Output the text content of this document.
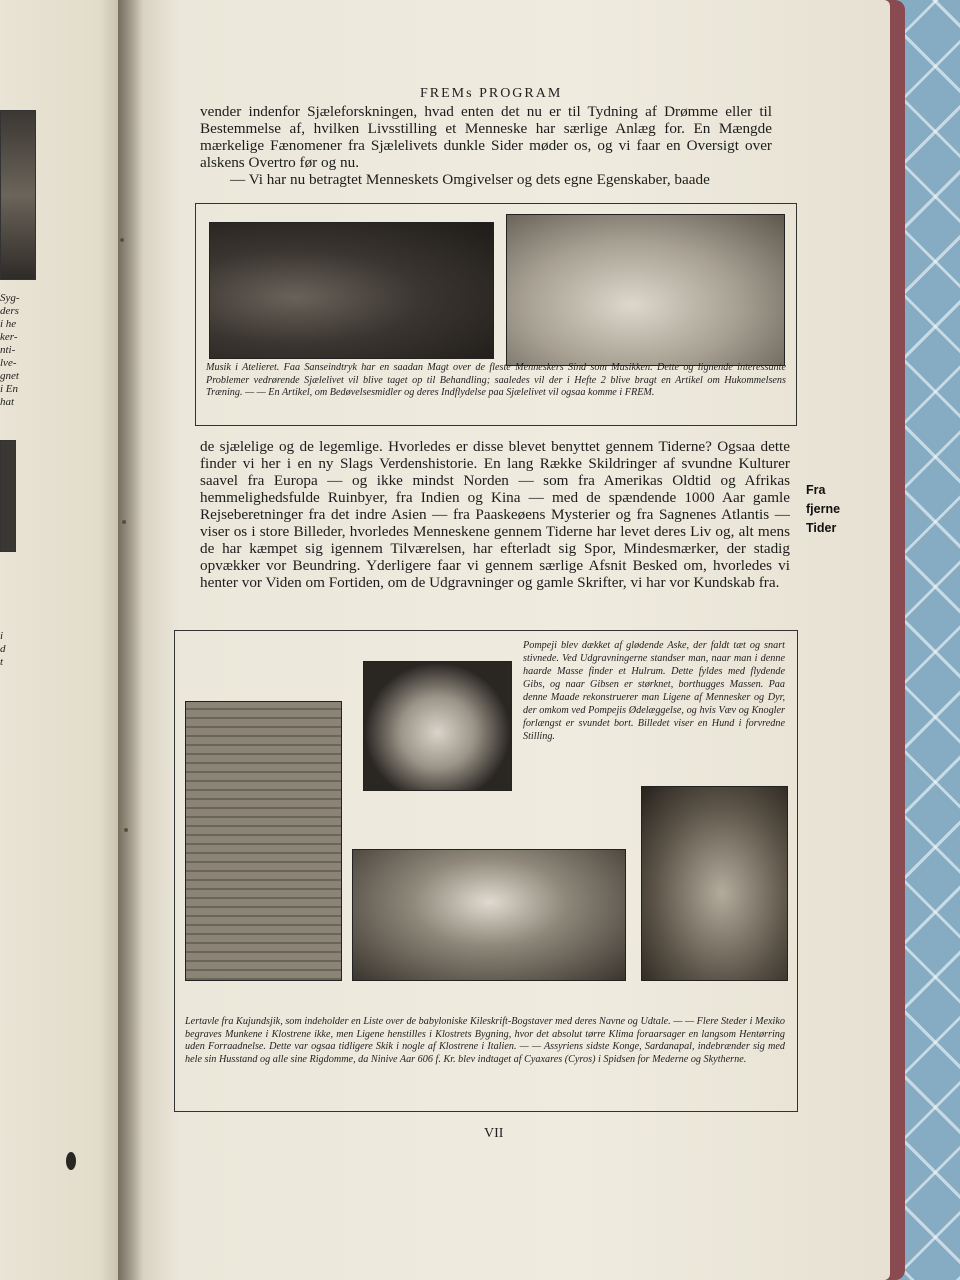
Syg-
ders
i he
ker-
nti-
lve-
gnet
i En
hat
i
d
t
FREMs PROGRAM
vender indenfor Sjæleforskningen, hvad enten det nu er til Tydning af Drømme eller til Bestemmelse af, hvilken Livsstilling et Menneske har særlige Anlæg for. En Mængde mærkelige Fænomener fra Sjælelivets dunkle Sider møder os, og vi faar en Oversigt over alskens Overtro før og nu.
— Vi har nu betragtet Menneskets Omgivelser og dets egne Egenskaber, baade
Musik i Atelieret. Faa Sanseindtryk har en saadan Magt over de fleste Menneskers Sind som Musikken. Dette og lignende interessante Problemer vedrørende Sjælelivet vil blive taget op til Behandling; saaledes vil der i Hefte 2 blive bragt en Artikel om Hukommelsens Træning. — — En Artikel, om Bedøvelsesmidler og deres Indflydelse paa Sjælelivet vil ogsaa komme i FREM.
de sjælelige og de legemlige. Hvorledes er disse blevet benyttet gennem Tiderne? Ogsaa dette finder vi her i en ny Slags Verdenshistorie. En lang Række Skildringer af svundne Kulturer saavel fra Europa — og ikke mindst Norden — som fra Amerikas Oldtid og Afrikas hemmelighedsfulde Ruinbyer, fra Indien og Kina — med de spændende 1000 Aar gamle Rejseberetninger fra det indre Asien — fra Paaskeøens Mysterier og fra Sagnenes Atlantis — viser os i store Billeder, hvorledes Menneskene gennem Tiderne har levet deres Liv og, alt mens de har kæmpet sig igennem Tilværelsen, har efterladt sig Spor, Mindesmærker, der stadig opvækker vor Beundring. Yderligere faar vi gennem særlige Afsnit Besked om, hvorledes vi henter vor Viden om Fortiden, om de Udgravninger og gamle Skrifter, vi har vor Kundskab fra.
Fra
fjerne
Tider
Pompeji blev dækket af glødende Aske, der faldt tæt og snart stivnede. Ved Udgravningerne standser man, naar man i denne haarde Masse finder et Hulrum. Dette fyldes med flydende Gibs, og naar Gibsen er størknet, borthugges Massen. Paa denne Maade rekonstruerer man Ligene af Mennesker og Dyr, der omkom ved Pompejis Ødelæggelse, og hvis Væv og Knogler forlængst er svundet bort. Billedet viser en Hund i forvredne Stilling.
Lertavle fra Kujundsjik, som indeholder en Liste over de babyloniske Kileskrift-Bogstaver med deres Navne og Udtale. — — Flere Steder i Mexiko begraves Munkene i Klostrene ikke, men Ligene henstilles i Klostrets Bygning, hvor det absolut tørre Klima foraarsager en langsom Hentørring uden Forraadnelse. Dette var ogsaa tidligere Skik i nogle af Klostrene i Italien. — — Assyriens sidste Konge, Sardanapal, indebrænder sig med hele sin Husstand og alle sine Rigdomme, da Ninive Aar 606 f. Kr. blev indtaget af Cyaxares (Cyros) i Spidsen for Mederne og Skytherne.
VII
